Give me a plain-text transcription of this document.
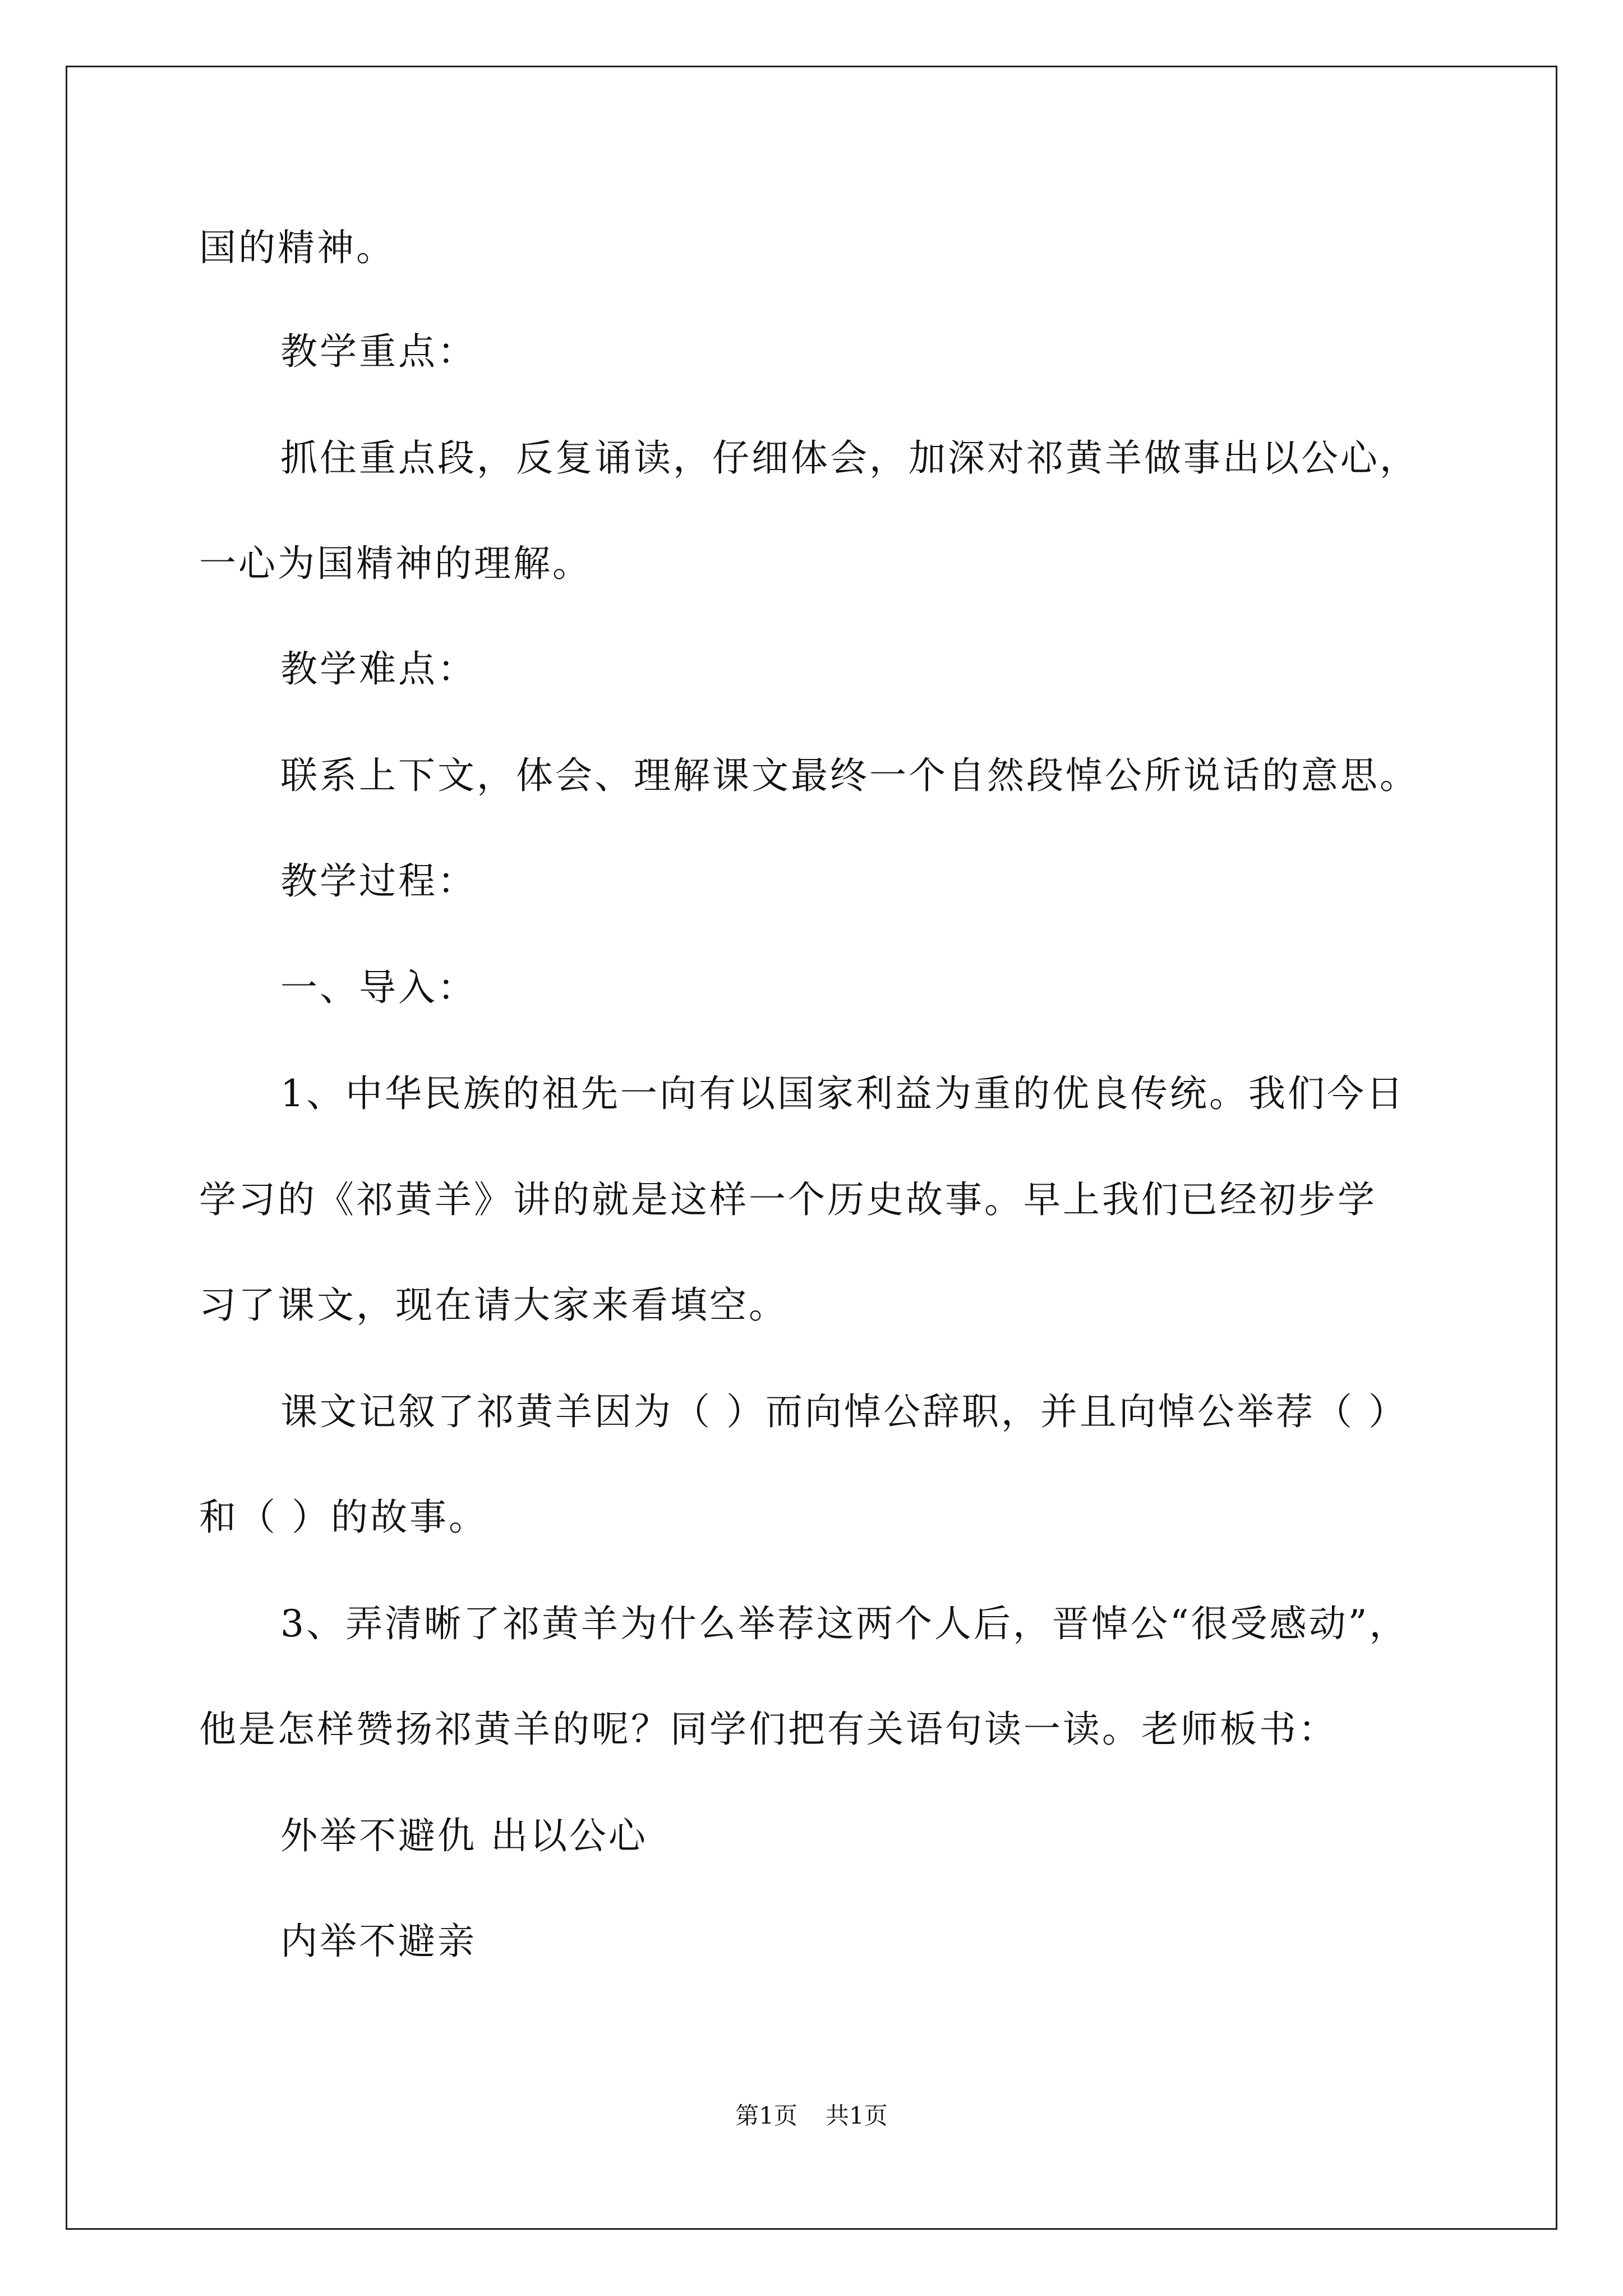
国的精神。
教学重点：
抓住重点段，反复诵读，仔细体会，加深对祁黄羊做事出以公心，
一心为国精神的理解。
教学难点：
联系上下文，体会、理解课文最终一个自然段悼公所说话的意思。
教学过程：
一、导入：
1、中华民族的祖先一向有以国家利益为重的优良传统。我们今日
学习的《祁黄羊》讲的就是这样一个历史故事。早上我们已经初步学
习了课文，现在请大家来看填空。
课文记叙了祁黄羊因为（ ）而向悼公辞职，并且向悼公举荐（ ）
和（ ）的故事。
3、弄清晰了祁黄羊为什么举荐这两个人后，晋悼公“很受感动”，
他是怎样赞扬祁黄羊的呢？同学们把有关语句读一读。老师板书：
外举不避仇 出以公心
内举不避亲
第1页 共1页
